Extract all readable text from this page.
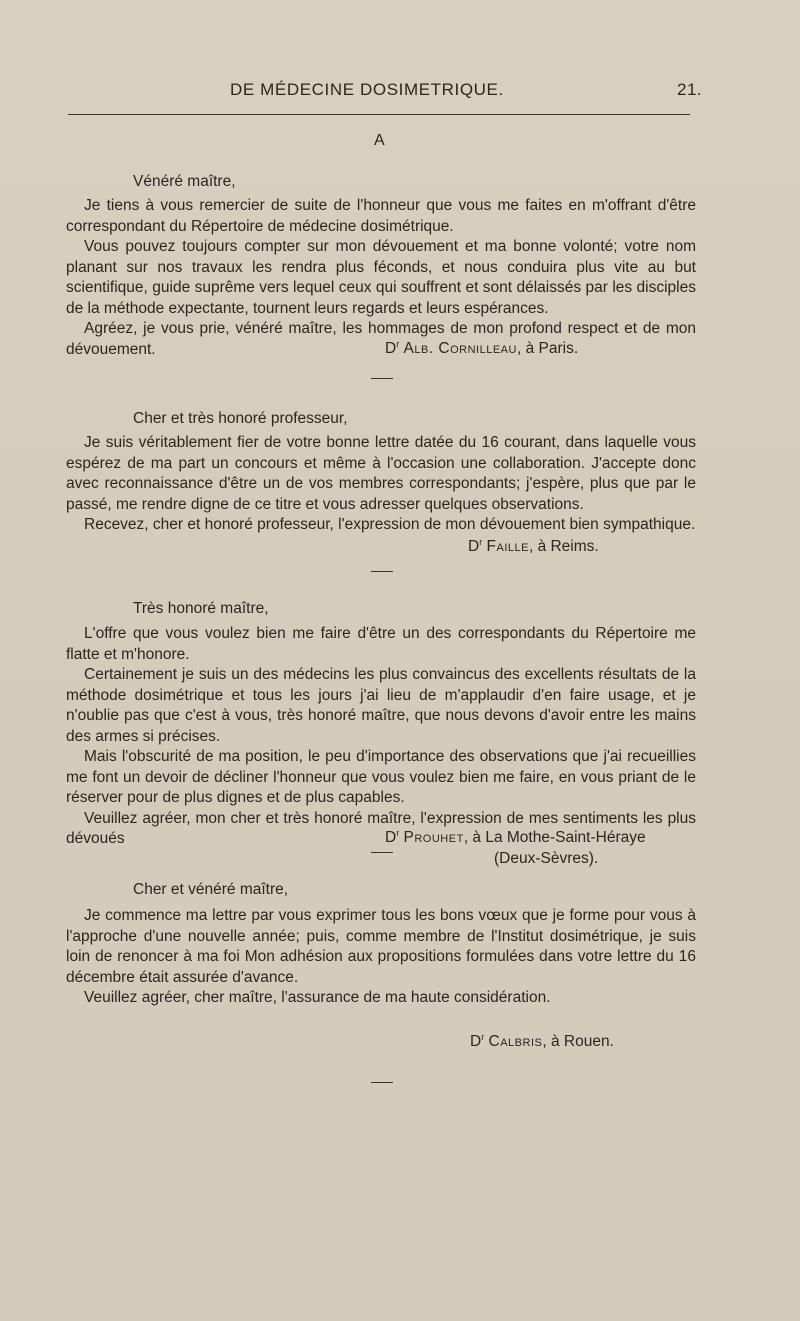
DE MÉDECINE DOSIMETRIQUE.	21.
A
Vénéré maître,

Je tiens à vous remercier de suite de l'honneur que vous me faites en m'offrant d'être correspondant du Répertoire de médecine dosimétrique.

Vous pouvez toujours compter sur mon dévouement et ma bonne volonté; votre nom planant sur nos travaux les rendra plus féconds, et nous conduira plus vite au but scientifique, guide suprême vers lequel ceux qui souffrent et sont délaissés par les disciples de la méthode expectante, tournent leurs regards et leurs espérances.

Agréez, je vous prie, vénéré maître, les hommages de mon profond respect et de mon dévouement.	$D^r$ Alb. Cornilleau, à Paris.
Cher et très honoré professeur,

Je suis véritablement fier de votre bonne lettre datée du 16 courant, dans laquelle vous espérez de ma part un concours et même à l'occasion une collaboration. J'accepte donc avec reconnaissance d'être un de vos membres correspondants; j'espère, plus que par le passé, me rendre digne de ce titre et vous adresser quelques observations.

Recevez, cher et honoré professeur, l'expression de mon dévouement bien sympathique.

$D^r$ Faille, à Reims.
Très honoré maître,

L'offre que vous voulez bien me faire d'être un des correspondants du Répertoire me flatte et m'honore.

Certainement je suis un des médecins les plus convaincus des excellents résultats de la méthode dosimétrique et tous les jours j'ai lieu de m'applaudir d'en faire usage, et je n'oublie pas que c'est à vous, très honoré maître, que nous devons d'avoir entre les mains des armes si précises.

Mais l'obscurité de ma position, le peu d'importance des observations que j'ai recueillies me font un devoir de décliner l'honneur que vous voulez bien me faire, en vous priant de le réserver pour de plus dignes et de plus capables.

Veuillez agréer, mon cher et très honoré maître, l'expression de mes sentiments les plus dévoués	$D^r$ Prouhet, à La Mothe-Saint-Héraye
(Deux-Sèvres).
Cher et vénéré maître,

Je commence ma lettre par vous exprimer tous les bons vœux que je forme pour vous à l'approche d'une nouvelle année; puis, comme membre de l'Institut dosimétrique, je suis loin de renoncer à ma foi Mon adhésion aux propositions formulées dans votre lettre du 16 décembre était assurée d'avance.

Veuillez agréer, cher maître, l'assurance de ma haute considération.

$D^r$ Calbris, à Rouen.
